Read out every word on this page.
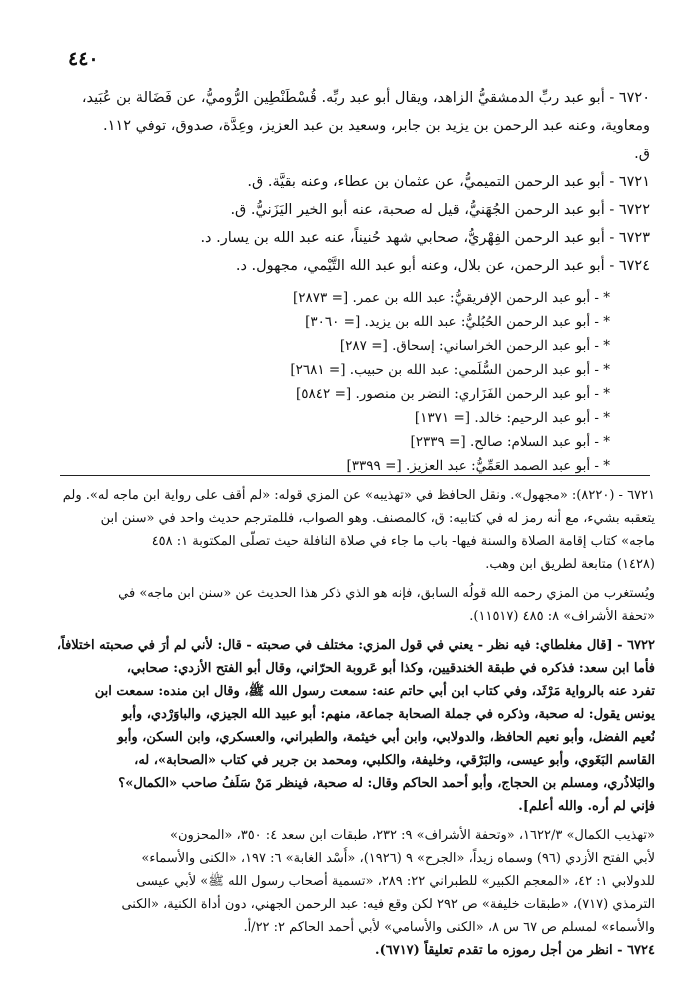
٤٤٠
٦٧٢٠ - أبو عبد ربِّ الدمشقيُّ الزاهد، ويقال أبو عبد ربِّه. قُسْطَنْطِين الرُّوميُّ، عن فَضَالة بن عُبَيد،
ومعاوية، وعنه عبد الرحمن بن يزيد بن جابر، وسعيد بن عبد العزيز، وعِدَّة، صدوق، توفي ١١٢.
ق.
٦٧٢١ - أبو عبد الرحمن التميميُّ، عن عثمان بن عطاء، وعنه بقيَّة. ق.
٦٧٢٢ - أبو عبد الرحمن الجُهَنيُّ، قيل له صحبة، عنه أبو الخير اليَزَنيُّ. ق.
٦٧٢٣ - أبو عبد الرحمن الفِهْريُّ، صحابي شهد حُنيناً، عنه عبد الله بن يسار. د.
٦٧٢٤ - أبو عبد الرحمن، عن بلال، وعنه أبو عبد الله التَّيْمي، مجهول. د.
* - أبو عبد الرحمن الإفريقيُّ: عبد الله بن عمر. [= ٢٨٧٣]
* - أبو عبد الرحمن الحُبُليُّ: عبد الله بن يزيد. [= ٣٠٦٠]
* - أبو عبد الرحمن الخراساني: إسحاق. [= ٢٨٧]
* - أبو عبد الرحمن السُّلَمي: عبد الله بن حبيب. [= ٢٦٨١]
* - أبو عبد الرحمن الفَزَاري: النضر بن منصور. [= ٥٨٤٢]
* - أبو عبد الرحيم: خالد. [= ١٣٧١]
* - أبو عبد السلام: صالح. [= ٢٣٣٩]
* - أبو عبد الصمد العَمِّيُّ: عبد العزيز. [= ٣٣٩٩]
٦٧٢١ - (٨٢٢٠): «مجهول». ونقل الحافظ في «تهذيبه» عن المزي قوله: «لم أقف على رواية ابن ماجه له». ولم
يتعقبه بشيء، مع أنه رمز له في كتابيه: ق، كالمصنف. وهو الصواب، فللمترجم حديث واحد في «سنن ابن
ماجه» كتاب إقامة الصلاة والسنة فيها- باب ما جاء في صلاة النافلة حيث تصلّى المكتوبة ١: ٤٥٨
(١٤٢٨) متابعة لطريق ابن وهب.
ويُستغرب من المزي رحمه الله قولُه السابق، فإنه هو الذي ذكر هذا الحديث عن «سنن ابن ماجه» في
«تحفة الأشراف» ٨: ٤٨٥ (١١٥١٧).
٦٧٢٢ - [قال مغلطاي: فيه نظر - يعني في قول المزي: مختلف في صحبته - قال: لأني لم أرَ في صحبته اختلافاً،
فأما ابن سعد: فذكره في طبقة الخندقيين، وكذا أبو عَروبة الحرّاني، وقال أبو الفتح الأزدي: صحابي،
تفرد عنه بالرواية مَرْثَد، وفي كتاب ابن أبي حاتم عنه: سمعت رسول الله ﷺ، وقال ابن منده: سمعت ابن
يونس يقول: له صحبة، وذكره في جملة الصحابة جماعة، منهم: أبو عبيد الله الجيزي، والباوَرْدي، وأبو
نُعيم الفضل، وأبو نعيم الحافظ، والدولابي، وابن أبي خيثمة، والطبراني، والعسكري، وابن السكن، وأبو
القاسم البَغَوي، وأبو عيسى، والبَرْقي، وخليفة، والكلبي، ومحمد بن جرير في كتاب «الصحابة»، له،
والبَلاذُري، ومسلم بن الحجاج، وأبو أحمد الحاكم وقال: له صحبة، فينظر مَنْ سَلَفُ صاحب «الكمال»؟
فإني لم أره. والله أعلم].
«تهذيب الكمال» ١٦٢٢/٣، «وتحفة الأشراف» ٩: ٢٣٢، طبقات ابن سعد ٤: ٣٥٠، «المحزون»
لأبي الفتح الأزدي (٩٦) وسماه زيداً، «الجرح» ٩ (١٩٢٦)، «أُسْد الغابة» ٦: ١٩٧، «الكنى والأسماء»
للدولابي ١: ٤٢، «المعجم الكبير» للطبراني ٢٢: ٢٨٩، «تسمية أصحاب رسول الله ﷺ» لأبي عيسى
الترمذي (٧١٧)، «طبقات خليفة» ص ٢٩٢ لكن وقع فيه: عبد الرحمن الجهني، دون أداة الكنية، «الكنى
والأسماء» لمسلم ص ٦٧ س ٨، «الكنى والأسامي» لأبي أحمد الحاكم ٢: ٢٢/أ.
٦٧٢٤ - انظر من أجل رموزه ما تقدم تعليقاً (٦٧١٧).
